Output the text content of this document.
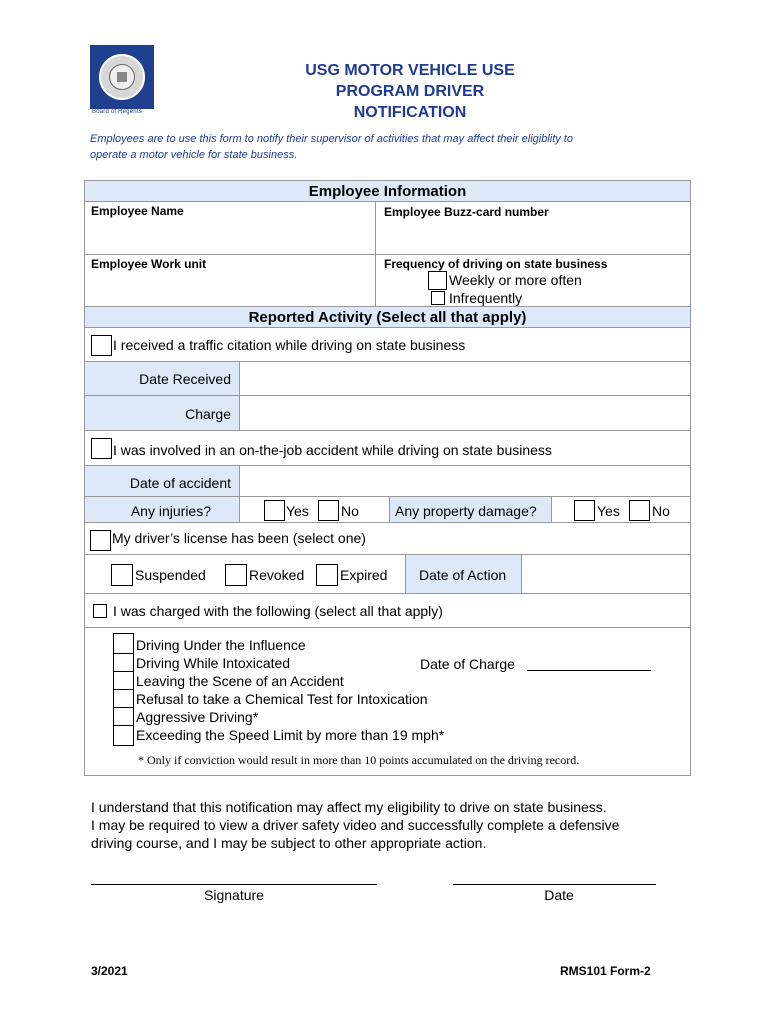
Board of Regents
USG MOTOR VEHICLE USE
PROGRAM DRIVER
NOTIFICATION
Employees are to use this form to notify their supervisor of activities that may affect their eligiblity to
operate a motor vehicle for state business.
Employee Information
Employee Name	Employee Buzz-card number
Employee Work unit	Frequency of driving on state business
Weekly or more often
Infrequently
Reported Activity (Select all that apply)
I received a traffic citation while driving on state business
Date Received
Charge
I was involved in an on-the-job accident while driving on state business
Date of accident
Any injuries?	Yes No	Any property damage?	Yes No
My driver’s license has been (select one)
Suspended	Revoked	Expired Date of Action
I was charged with the following (select all that apply)
Driving Under the Influence
Driving While Intoxicated
Leaving the Scene of an Accident
Refusal to take a Chemical Test for Intoxication
Aggressive Driving*
Exceeding the Speed Limit by more than 19 mph*
Date of Charge
* Only if conviction would result in more than 10 points accumulated on the driving record.
I understand that this notification may affect my eligibility to drive on state business.
I may be required to view a driver safety video and successfully complete a defensive
driving course, and I may be subject to other appropriate action.
Signature	Date
3/2021	RMS101 Form-2
